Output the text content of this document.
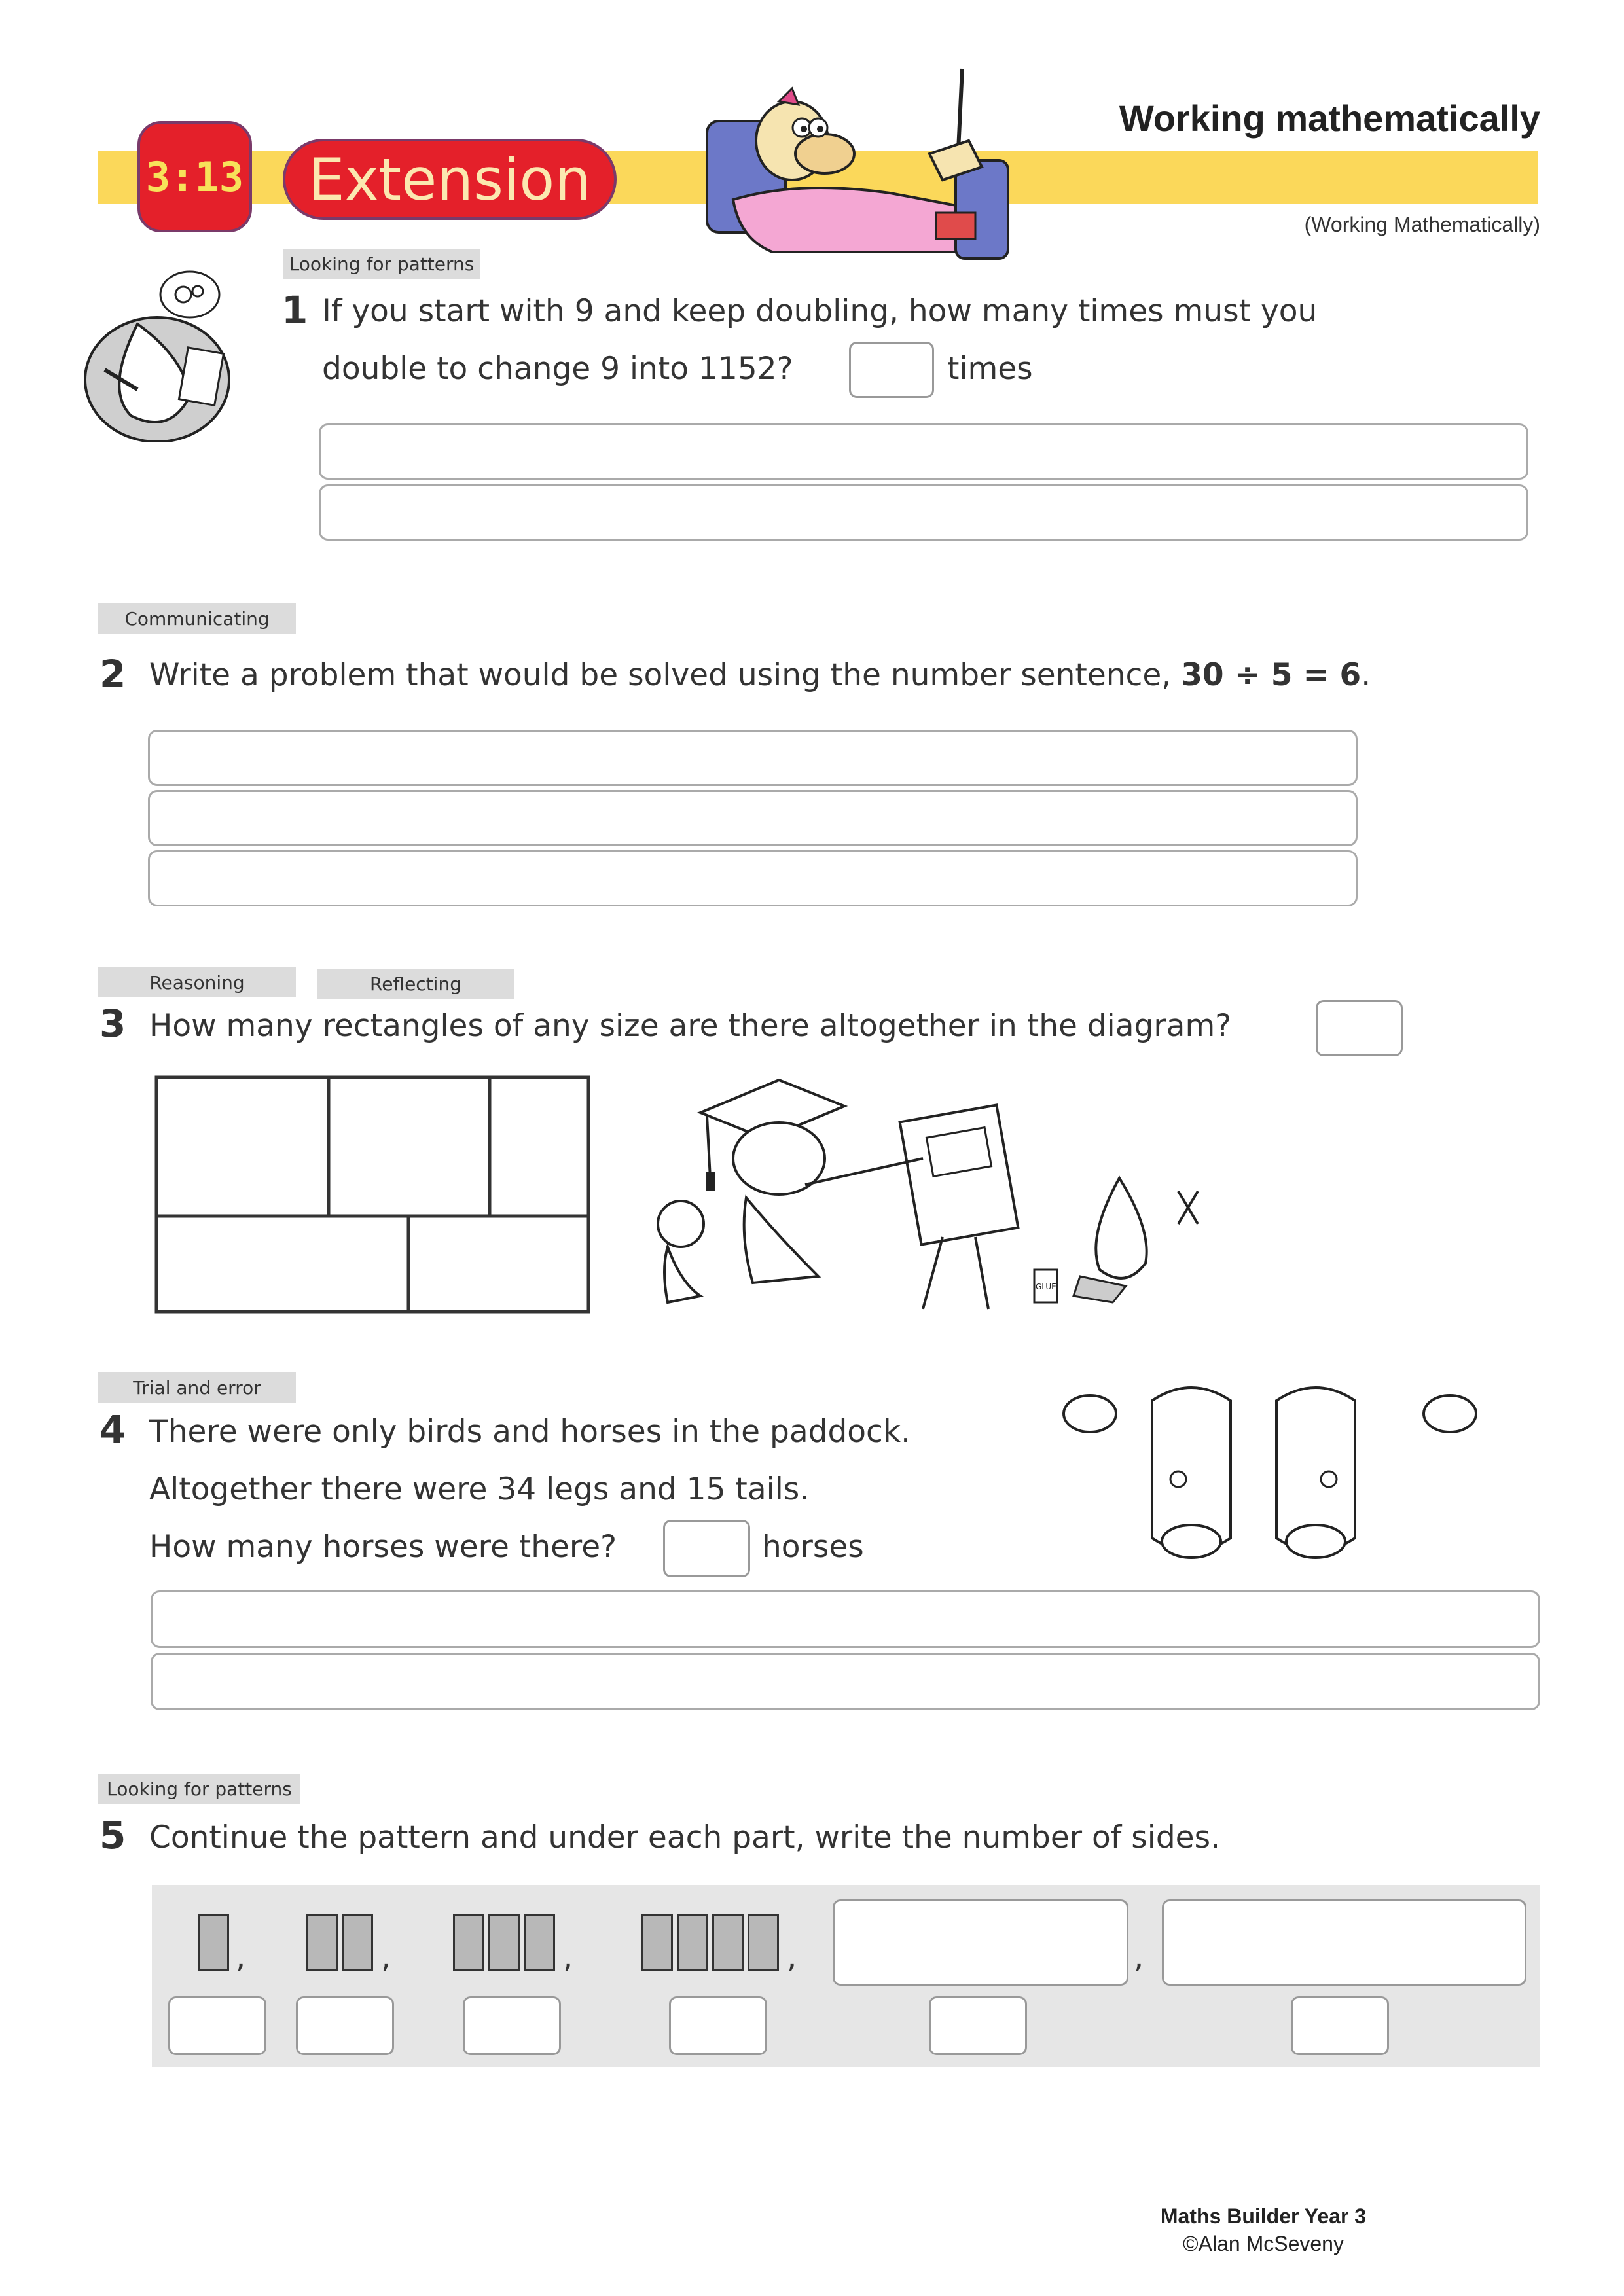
3:13	Extension
Working mathematically
(Working Mathematically)
Looking for patterns
1 If you start with 9 and keep doubling, how many times must you
double to change 9 into 1152?	times
Communicating
2 Write a problem that would be solved using the number sentence, 30 ÷ 5 = 6.
Reasoning	Reflecting
3 How many rectangles of any size are there altogether in the diagram?
GLUE
Trial and error
4 There were only birds and horses in the paddock.
Altogether there were 34 legs and 15 tails.
How many horses were there?	horses
Looking for patterns
5 Continue the pattern and under each part, write the number of sides.
,	,	,	,	,
Maths Builder Year 3
©Alan McSeveny
